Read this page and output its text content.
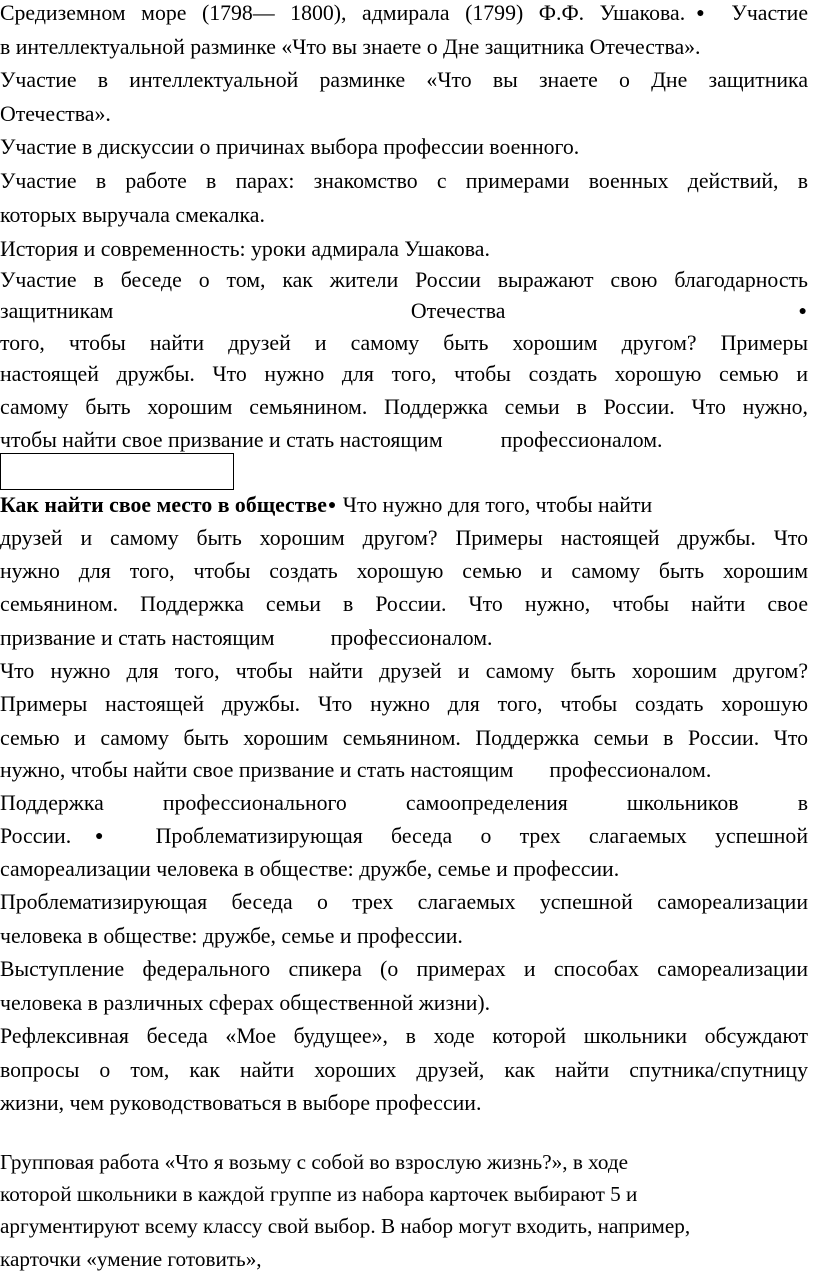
Средиземном море (1798— 1800), адмирала (1799) Ф.Ф. Ушакова.● Участие
в интеллектуальной разминке «Что вы знаете о Дне защитника Отечества».
Участие в интеллектуальной разминке «Что вы знаете о Дне защитника
Отечества».
Участие в дискуссии о причинах выбора профессии военного.
Участие в работе в парах: знакомство с примерами военных действий, в
которых выручала смекалка.
История и современность: уроки адмирала Ушакова.
Участие в беседе о том, как жители России выражают свою благодарность
защитникам	Отечества●
того, чтобы найти друзей и самому быть хорошим другом? Примеры
настоящей дружбы. Что нужно для того, чтобы создать хорошую семью и
самому быть хорошим семьянином. Поддержка семьи в России. Что нужно,
чтобы найти свое призвание и стать настоящим	профессионалом.
Как найти свое место в обществе● Что нужно для того, чтобы найти
друзей и самому быть хорошим другом? Примеры настоящей дружбы. Что
нужно для того, чтобы создать хорошую семью и самому быть хорошим
семьянином. Поддержка семьи в России. Что нужно, чтобы найти свое
призвание и стать настоящим	профессионалом.
Что нужно для того, чтобы найти друзей и самому быть хорошим другом?
Примеры настоящей дружбы. Что нужно для того, чтобы создать хорошую
семью и самому быть хорошим семьянином. Поддержка семьи в России. Что
нужно, чтобы найти свое призвание и стать настоящим профессионалом.
Поддержка профессионального самоопределения школьников в
России.● Проблематизирующая беседа о трех слагаемых успешной
самореализации человека в обществе: дружбе, семье и профессии.
Проблематизирующая беседа о трех слагаемых успешной самореализации
человека в обществе: дружбе, семье и профессии.
Выступление федерального спикера (о примерах и способах самореализации
человека в различных сферах общественной жизни).
Рефлексивная беседа «Мое будущее», в ходе которой школьники обсуждают
вопросы о том, как найти хороших друзей, как найти спутника/спутницу
жизни, чем руководствоваться в выборе профессии.
Групповая работа «Что я возьму с собой во взрослую жизнь?», в ходе
которой школьники в каждой группе из набора карточек выбирают 5 и
аргументируют всему классу свой выбор. В набор могут входить, например,
карточки «умение готовить»,
